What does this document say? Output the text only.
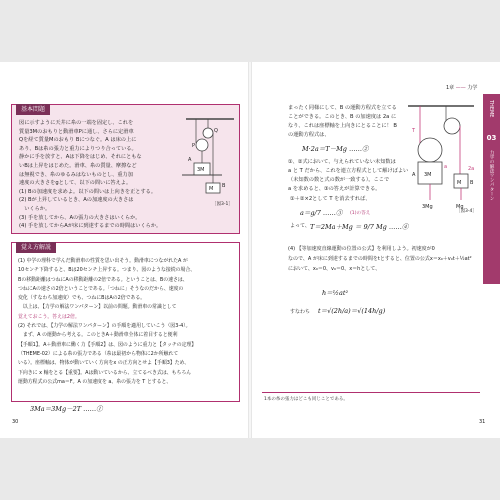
1章 —— 力学
THEME
03
力学の解法ワンパターン
基本問題
図に示すように天井に糸の一端を固定し、これを
質量3Mのおもりと動滑車Pに通し、さらに定滑車
Qを経て質量Mのおもり Bにつなぐ。A は床の上に
あり、Bは糸の張力と重力によりつり合っている。
静かに手を放すと、Aは下降をはじめ、それにともな
いBは上昇をはじめた。滑車、糸の質量、摩擦など
は無視でき、糸のゆるみはないものとし、重力加
速度の大きさをgとして、以下の問いに答えよ。
(1) Bの加速度を求めよ。以下の問いは上向きを正とする。
(2) Bが上昇しているとき、Aの加速度の大きさは
　いくらか。
(3) 手を放してから、Aの張力の大きさはいくらか。
(4) 手を放してからAが床に到達するまでの時間はいくらか。
P
Q
A
3M
B
M
［図3-1］
覚え方解説
(1) 中学の理科で学んだ動滑車の性質を思い出そう。動滑車につながれたA が
10センチ下降すると、Bは20センチ上昇する。つまり、図のような接続の場合、
Bの移動距離はつねにAの移動距離の2倍である。ということは、Bの速さは、
つねにAの速さの2倍ということである。「つねに」そうなのだから、速度の
変化（すなわち加速度）でも、つねにBはAの2倍である。
　以上は、【力学の解法ワンパターン】以前の問題。動滑車の常識として
覚えておこう。答えは2倍。
(2) それでは、【力学の解法ワンパターン】の手順を適用していこう（図3-4）。
　まず、A の運動から考える。このときA＋動滑車全体に着目すると便利
【手順1】。A＋動滑車に働く力【手順2】は、図のように重力と【タッチの定理】
（THEME-02）による糸の張力である（糸は最初から物体に2か所触れて
いる）。座標軸は、物体が動いていく方向をx の正方向とせよ【手順3】ため、
下向きに x 軸をとる【重要】。Aは動いているから、立てるべき式は、もちろん
運動方程式の公式ma＝F。A の加速度を a、糸の張力を T とすると、
3Ma＝3Mg－2T ……①
30
まったく同様にして、B の運動方程式を立てる
ことができる。このとき、B の加速度は 2a に
なり、これは座標軸を上向きにとることに！ B
の運動方程式は、
M·2a＝T－Mg ……②
①、②式において、与えられていない未知数は
a と T だから、これを連立方程式として解けばよい
（未知数の数と式の数が一致する）。ここで
a を求めると、③の答えが計算できる。
①＋②×2として T を消去すれば、
a＝g/7 ……③ (1)の答え
よって、 T＝2Ma＋Mg ＝ 9/7 Mg ……④
T
A 3M
B
M
3Mg	Mg
a	2a
［図3-4］
(4) 【等加速度直線運動の位置の公式】を利用しよう。初速度が0
なので、A が床に到達するまでの時間をtとすると、位置の公式x＝x₀＋v₀t＋½at²
において、x₀＝0、v₀＝0、x＝hとして、
h＝½at²
すなわち t＝√(2h/a)＝√(14h/g)
1本の糸の張力はどこも同じことである。
31
